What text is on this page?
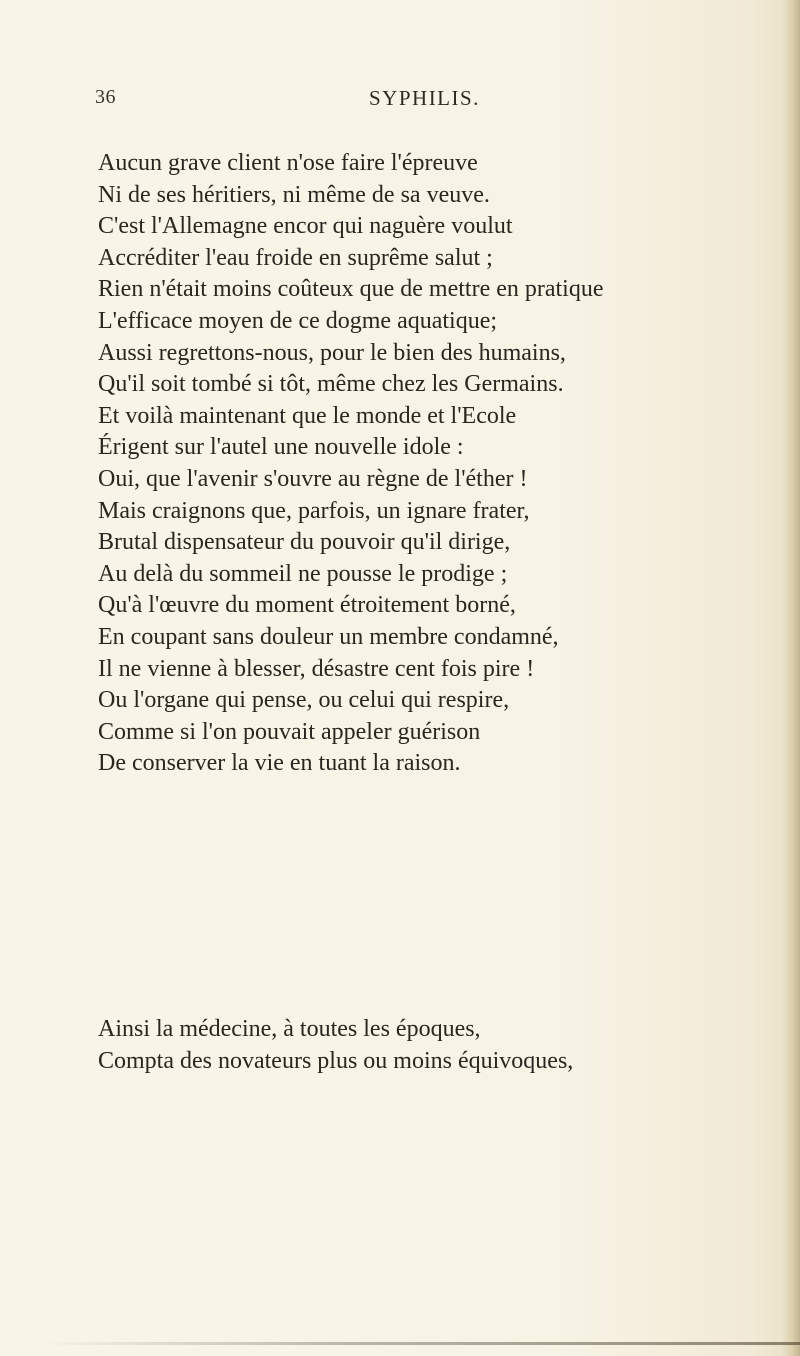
36	SYPHILIS.
Aucun grave client n'ose faire l'épreuve
Ni de ses héritiers, ni même de sa veuve.
C'est l'Allemagne encor qui naguère voulut
Accréditer l'eau froide en suprême salut ;
Rien n'était moins coûteux que de mettre en pratique
L'efficace moyen de ce dogme aquatique;
Aussi regrettons-nous, pour le bien des humains,
Qu'il soit tombé si tôt, même chez les Germains.
Et voilà maintenant que le monde et l'Ecole
Érigent sur l'autel une nouvelle idole :
Oui, que l'avenir s'ouvre au règne de l'éther !
Mais craignons que, parfois, un ignare frater,
Brutal dispensateur du pouvoir qu'il dirige,
Au delà du sommeil ne pousse le prodige ;
Qu'à l'œuvre du moment étroitement borné,
En coupant sans douleur un membre condamné,
Il ne vienne à blesser, désastre cent fois pire !
Ou l'organe qui pense, ou celui qui respire,
Comme si l'on pouvait appeler guérison
De conserver la vie en tuant la raison.
Ainsi la médecine, à toutes les époques,
Compta des novateurs plus ou moins équivoques,
